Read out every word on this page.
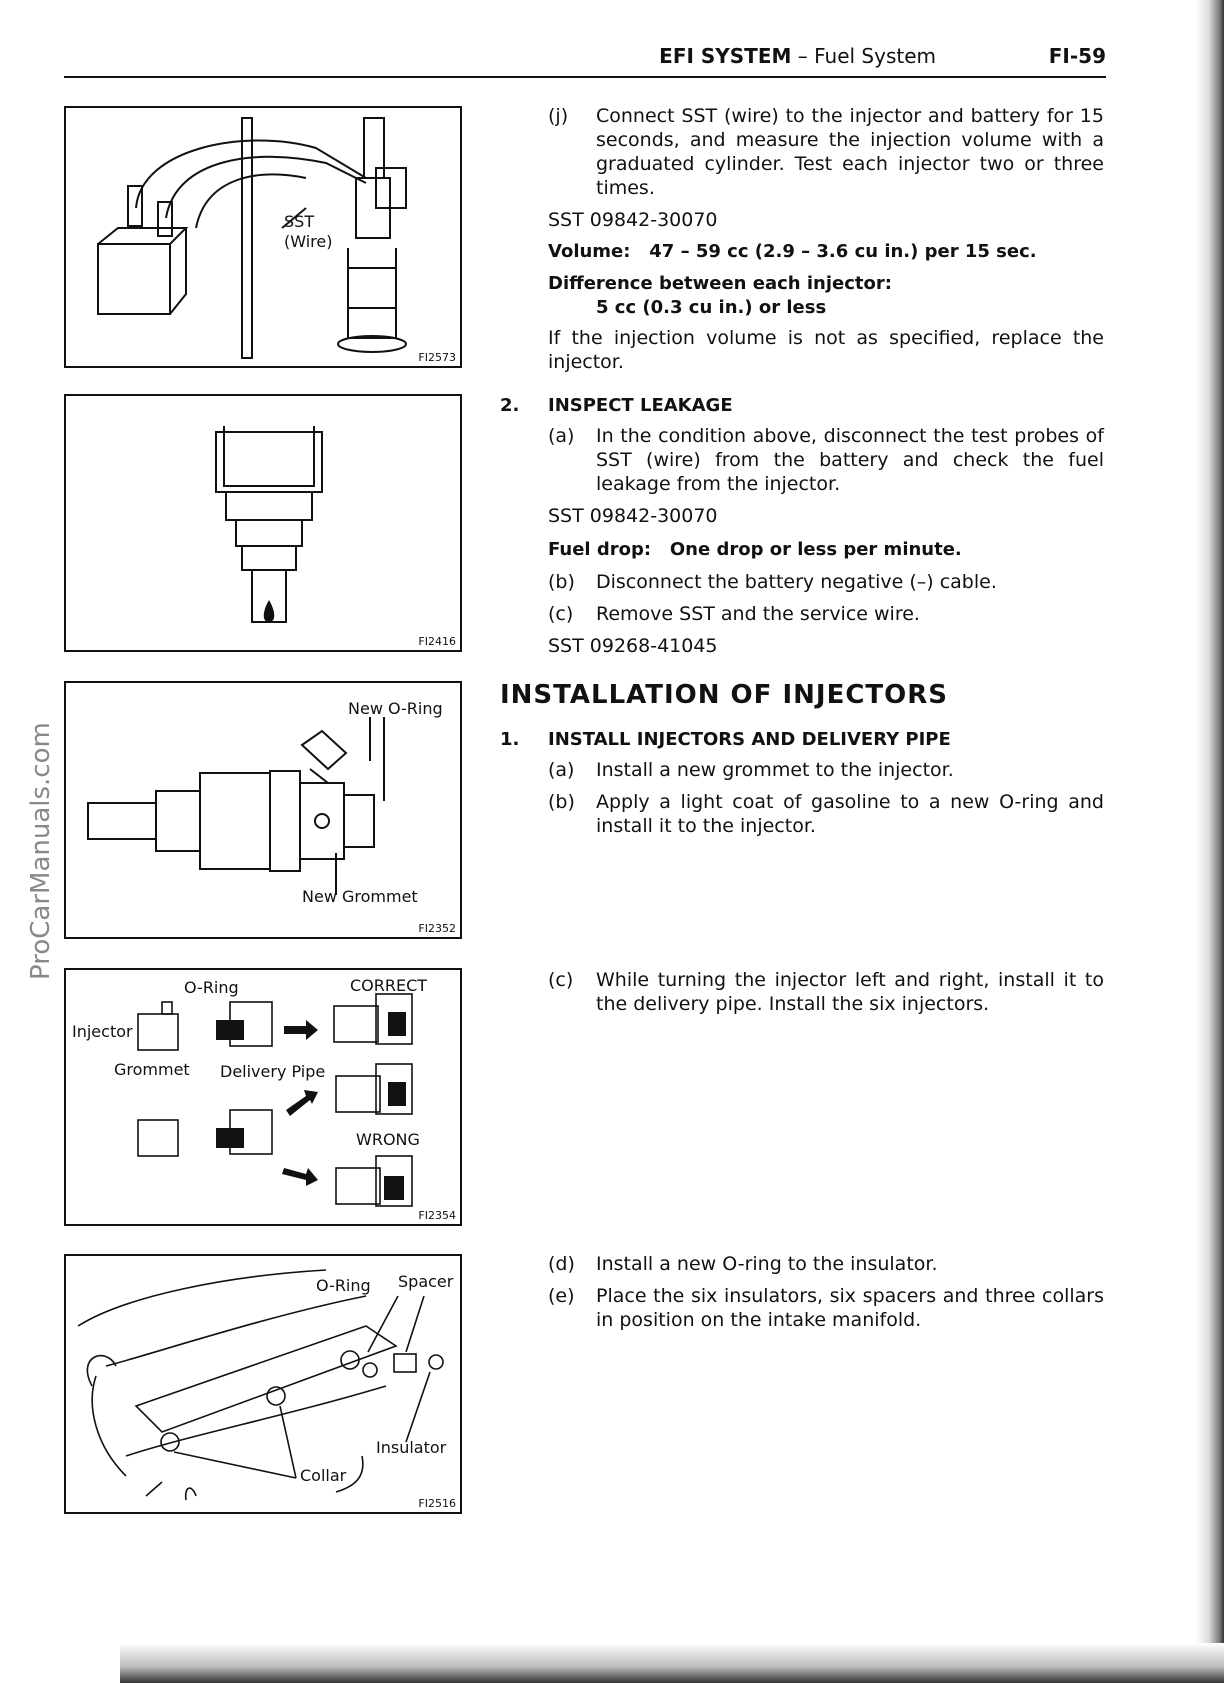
EFI SYSTEM – Fuel System	FI-59
ProCarManuals.com
SST
(Wire)
FI2573
FI2416
New O-Ring
New Grommet
FI2352
O-Ring	CORRECT
Injector
Grommet Delivery Pipe
WRONG
FI2354
O-Ring Spacer
Insulator
Collar
FI2516
(j) Connect SST (wire) to the injector and battery for 15 seconds, and measure the injection volume with a graduated cylinder. Test each injector two or three times.
SST 09842-30070
Volume:   47 – 59 cc (2.9 – 3.6 cu in.) per 15 sec.
Difference between each injector:
5 cc (0.3 cu in.) or less
If the injection volume is not as specified, replace the injector.
2. INSPECT LEAKAGE
(a) In the condition above, disconnect the test probes of SST (wire) from the battery and check the fuel leakage from the injector.
SST 09842-30070
Fuel drop:   One drop or less per minute.
(b) Disconnect the battery negative (–) cable.
(c) Remove SST and the service wire.
SST 09268-41045
INSTALLATION OF INJECTORS
1. INSTALL INJECTORS AND DELIVERY PIPE
(a) Install a new grommet to the injector.
(b) Apply a light coat of gasoline to a new O-ring and install it to the injector.
(c) While turning the injector left and right, install it to the delivery pipe. Install the six injectors.
(d) Install a new O-ring to the insulator.
(e) Place the six insulators, six spacers and three collars in position on the intake manifold.
